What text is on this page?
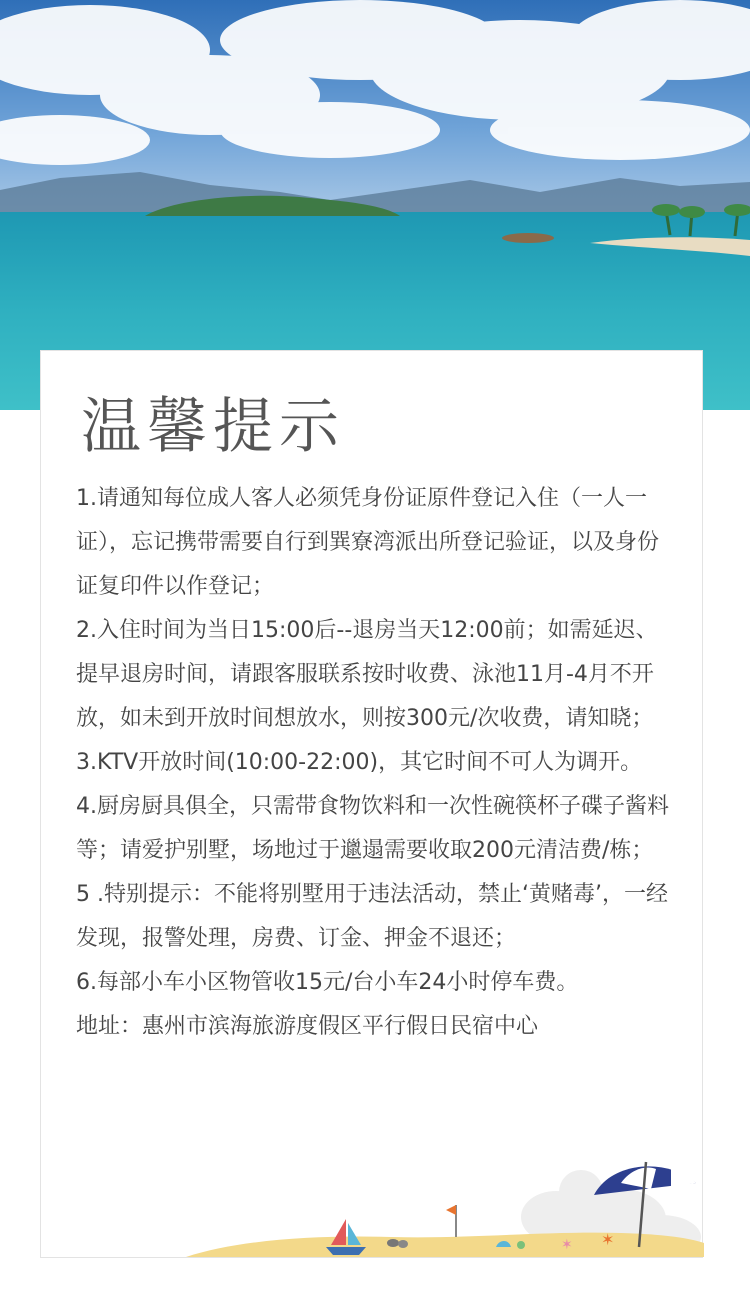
温馨提示

1.请通知每位成人客人必须凭身份证原件登记入住（一人一证），忘记携带需要自行到巽寮湾派出所登记验证，以及身份证复印件以作登记；

2.入住时间为当日15:00后--退房当天12:00前；如需延迟、提早退房时间，请跟客服联系按时收费、泳池11月-4月不开放，如未到开放时间想放水，则按300元/次收费，请知晓；

3.KTV开放时间(10:00-22:00)，其它时间不可人为调开。

4.厨房厨具俱全，只需带食物饮料和一次性碗筷杯子碟子酱料等；请爱护别墅，场地过于邋遢需要收取200元清洁费/栋；

5 .特别提示：不能将别墅用于违法活动，禁止‘黄赌毒’，一经发现，报警处理，房费、订金、押金不退还；

6.每部小车小区物管收15元/台小车24小时停车费。

地址：惠州市滨海旅游度假区平行假日民宿中心

✶
✶
